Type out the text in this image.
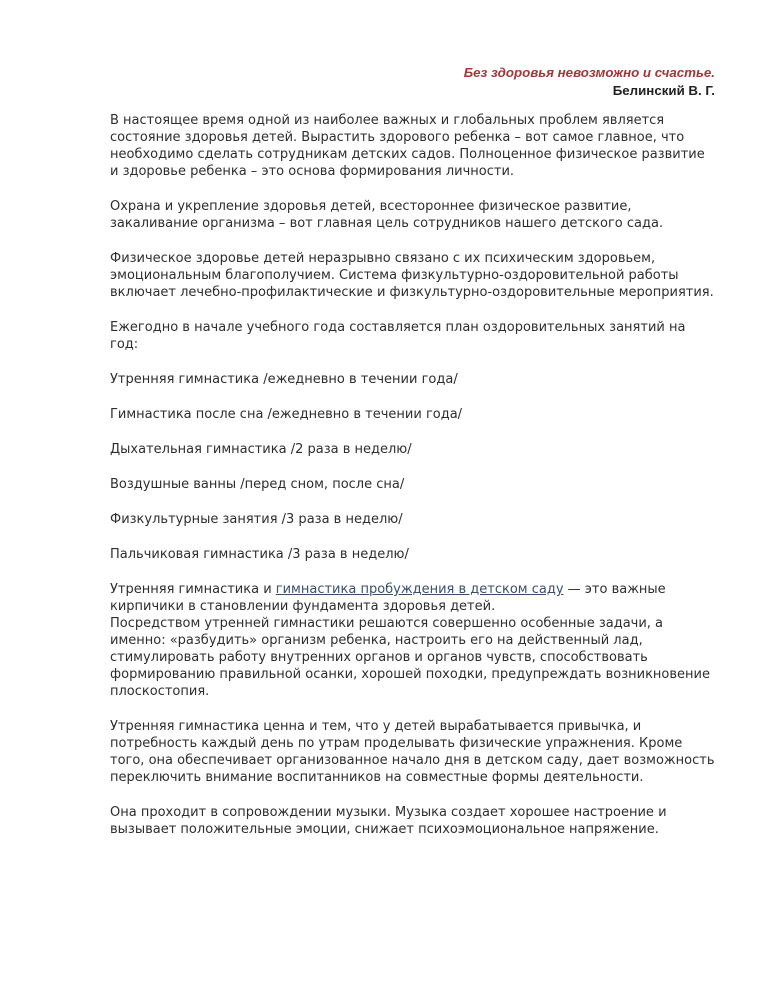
Без здоровья невозможно и счастье.
Белинский В. Г.

В настоящее время одной из наиболее важных и глобальных проблем является состояние здоровья детей. Вырастить здорового ребенка – вот самое главное, что необходимо сделать сотрудникам детских садов. Полноценное физическое развитие и здоровье ребенка – это основа формирования личности.

Охрана и укрепление здоровья детей, всестороннее физическое развитие, закаливание организма – вот главная цель сотрудников нашего детского сада.

Физическое здоровье детей неразрывно связано с их психическим здоровьем, эмоциональным благополучием. Система физкультурно-оздоровительной работы включает лечебно-профилактические и физкультурно-оздоровительные мероприятия.

Ежегодно в начале учебного года составляется план оздоровительных занятий на год:

Утренняя гимнастика /ежедневно в течении года/

Гимнастика после сна /ежедневно в течении года/

Дыхательная гимнастика /2 раза в неделю/

Воздушные ванны /перед сном, после сна/

Физкультурные занятия /3 раза в неделю/

Пальчиковая гимнастика /3 раза в неделю/

Утренняя гимнастика и гимнастика пробуждения в детском саду — это важные кирпичики в становлении фундамента здоровья детей.

Посредством утренней гимнастики решаются совершенно особенные задачи, а именно: «разбудить» организм ребенка, настроить его на действенный лад, стимулировать работу внутренних органов и органов чувств, способствовать формированию правильной осанки, хорошей походки, предупреждать возникновение плоскостопия.

Утренняя гимнастика ценна и тем, что у детей вырабатывается привычка, и потребность каждый день по утрам проделывать физические упражнения. Кроме того, она обеспечивает организованное начало дня в детском саду, дает возможность переключить внимание воспитанников на совместные формы деятельности.

Она проходит в сопровождении музыки. Музыка создает хорошее настроение и вызывает положительные эмоции, снижает психоэмоциональное напряжение.
